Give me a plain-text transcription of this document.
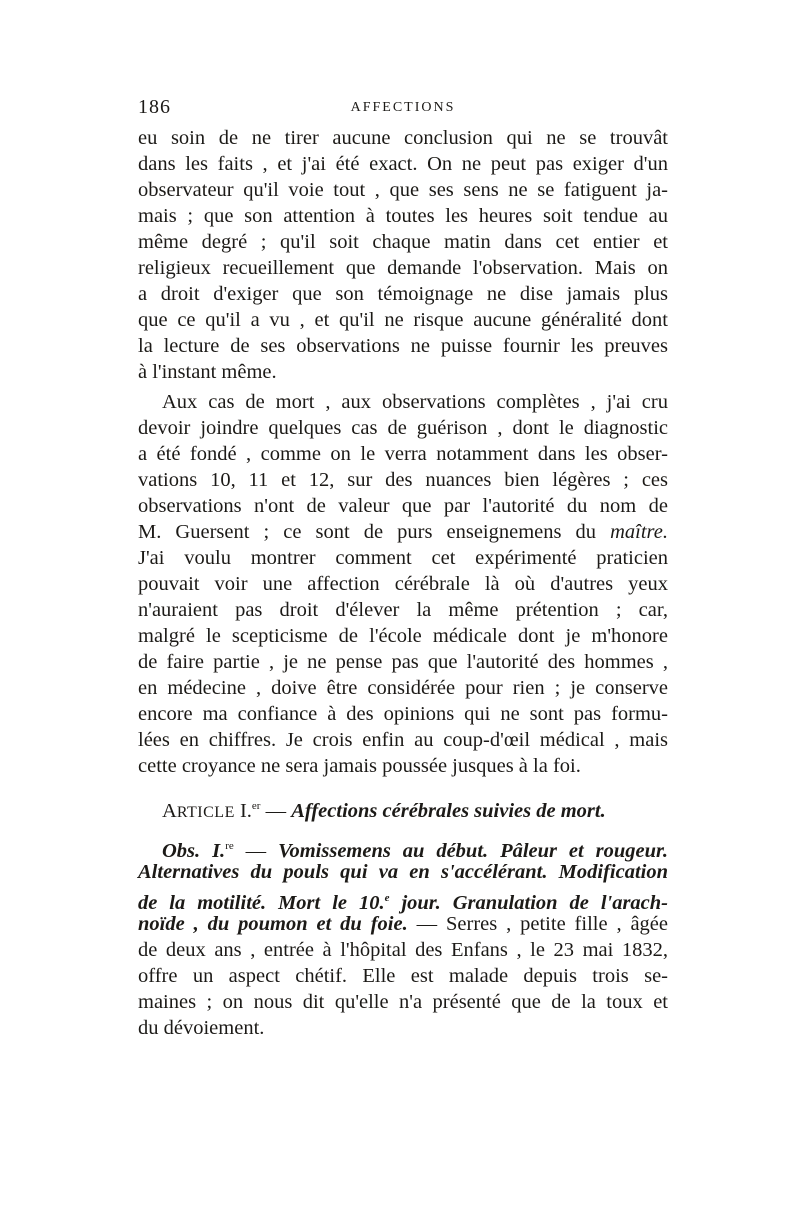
186	AFFECTIONS
eu soin de ne tirer aucune conclusion qui ne se trouvât
dans les faits , et j'ai été exact. On ne peut pas exiger d'un
observateur qu'il voie tout , que ses sens ne se fatiguent ja-
mais ; que son attention à toutes les heures soit tendue au
même degré ; qu'il soit chaque matin dans cet entier et
religieux recueillement que demande l'observation. Mais on
a droit d'exiger que son témoignage ne dise jamais plus
que ce qu'il a vu , et qu'il ne risque aucune généralité dont
la lecture de ses observations ne puisse fournir les preuves
à l'instant même.
Aux cas de mort , aux observations complètes , j'ai cru
devoir joindre quelques cas de guérison , dont le diagnostic
a été fondé , comme on le verra notamment dans les obser-
vations 10, 11 et 12, sur des nuances bien légères ; ces
observations n'ont de valeur que par l'autorité du nom de
M. Guersent ; ce sont de purs enseignemens du maître.
J'ai voulu montrer comment cet expérimenté praticien
pouvait voir une affection cérébrale là où d'autres yeux
n'auraient pas droit d'élever la même prétention ; car,
malgré le scepticisme de l'école médicale dont je m'honore
de faire partie , je ne pense pas que l'autorité des hommes ,
en médecine , doive être considérée pour rien ; je conserve
encore ma confiance à des opinions qui ne sont pas formu-
lées en chiffres. Je crois enfin au coup-d'œil médical , mais
cette croyance ne sera jamais poussée jusques à la foi.
ARTICLE I.$^{er}$ — Affections cérébrales suivies de mort.
Obs. I.$^{re}$ — Vomissemens au début. Pâleur et rougeur.
Alternatives du pouls qui va en s'accélérant. Modification
de la motilité. Mort le 10.$^e$ jour. Granulation de l'arach-
noïde , du poumon et du foie. — Serres , petite fille , âgée
de deux ans , entrée à l'hôpital des Enfans , le 23 mai 1832,
offre un aspect chétif. Elle est malade depuis trois se-
maines ; on nous dit qu'elle n'a présenté que de la toux et
du dévoiement.
